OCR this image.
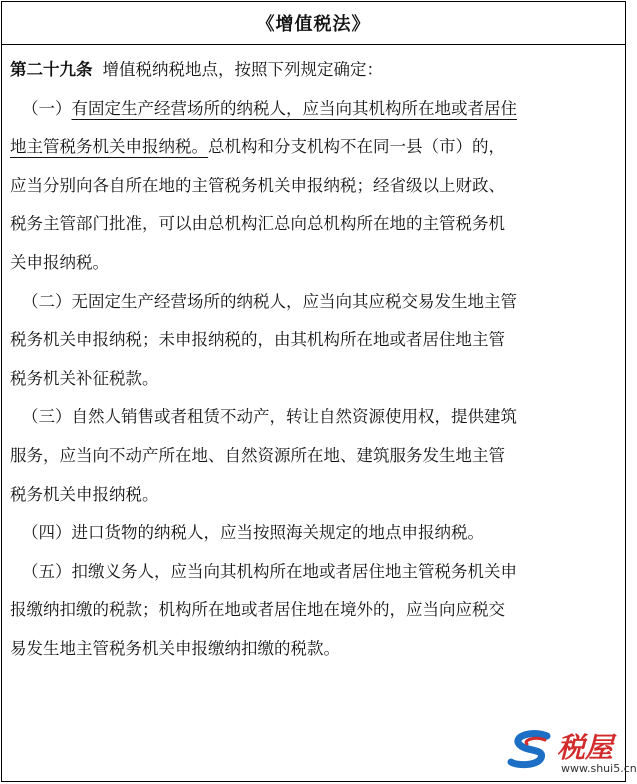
《增值税法》
第二十九条 增值税纳税地点，按照下列规定确定：
（一）有固定生产经营场所的纳税人，应当向其机构所在地或者居住
地主管税务机关申报纳税。总机构和分支机构不在同一县（市）的，
应当分别向各自所在地的主管税务机关申报纳税；经省级以上财政、
税务主管部门批准，可以由总机构汇总向总机构所在地的主管税务机
关申报纳税。
（二）无固定生产经营场所的纳税人，应当向其应税交易发生地主管
税务机关申报纳税；未申报纳税的，由其机构所在地或者居住地主管
税务机关补征税款。
（三）自然人销售或者租赁不动产，转让自然资源使用权，提供建筑
服务，应当向不动产所在地、自然资源所在地、建筑服务发生地主管
税务机关申报纳税。
（四）进口货物的纳税人，应当按照海关规定的地点申报纳税。
（五）扣缴义务人，应当向其机构所在地或者居住地主管税务机关申
报缴纳扣缴的税款；机构所在地或者居住地在境外的，应当向应税交
易发生地主管税务机关申报缴纳扣缴的税款。
税屋
www.shui5.cn
